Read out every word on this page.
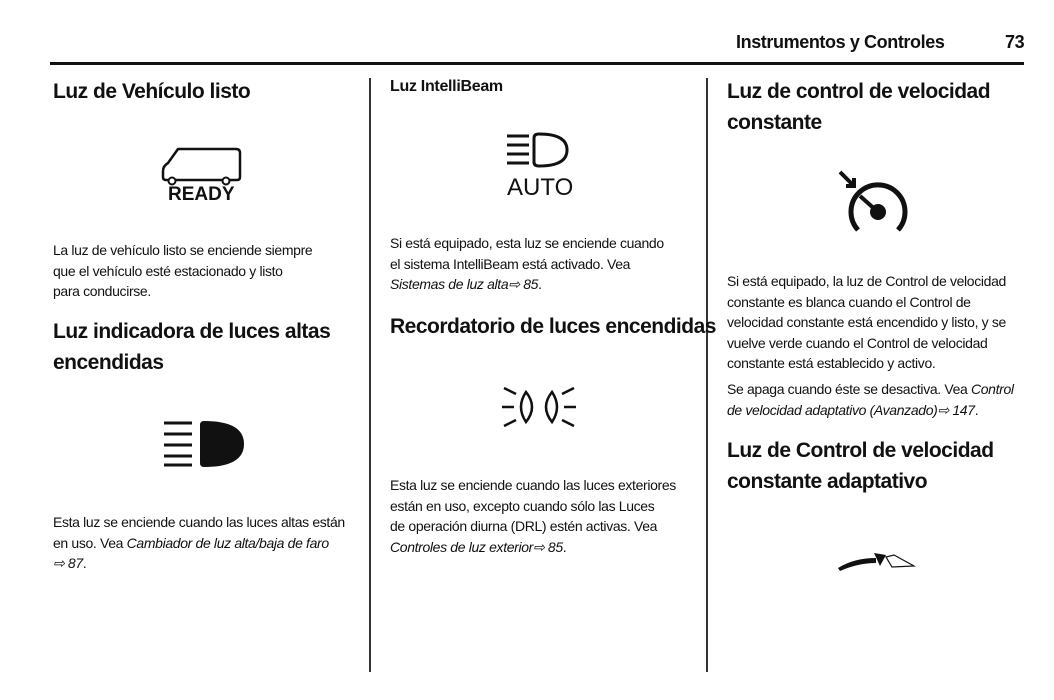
Instrumentos y Controles	73
Luz de Vehículo listo
READY
La luz de vehículo listo se enciende siempre
que el vehículo esté estacionado y listo
para conducirse.
Luz indicadora de luces altas
encendidas
Esta luz se enciende cuando las luces altas están
en uso. Vea Cambiador de luz alta/baja de faro
⇨ 87.
Luz IntelliBeam
AUTO
Si está equipado, esta luz se enciende cuando
el sistema IntelliBeam está activado. Vea
Sistemas de luz alta⇨ 85.
Recordatorio de luces encendidas
Esta luz se enciende cuando las luces exteriores
están en uso, excepto cuando sólo las Luces
de operación diurna (DRL) estén activas. Vea
Controles de luz exterior⇨ 85.
Luz de control de velocidad
constante
Si está equipado, la luz de Control de velocidad
constante es blanca cuando el Control de
velocidad constante está encendido y listo, y se
vuelve verde cuando el Control de velocidad
constante está establecido y activo.
Se apaga cuando éste se desactiva. Vea Control
de velocidad adaptativo (Avanzado)⇨ 147.
Luz de Control de velocidad
constante adaptativo
